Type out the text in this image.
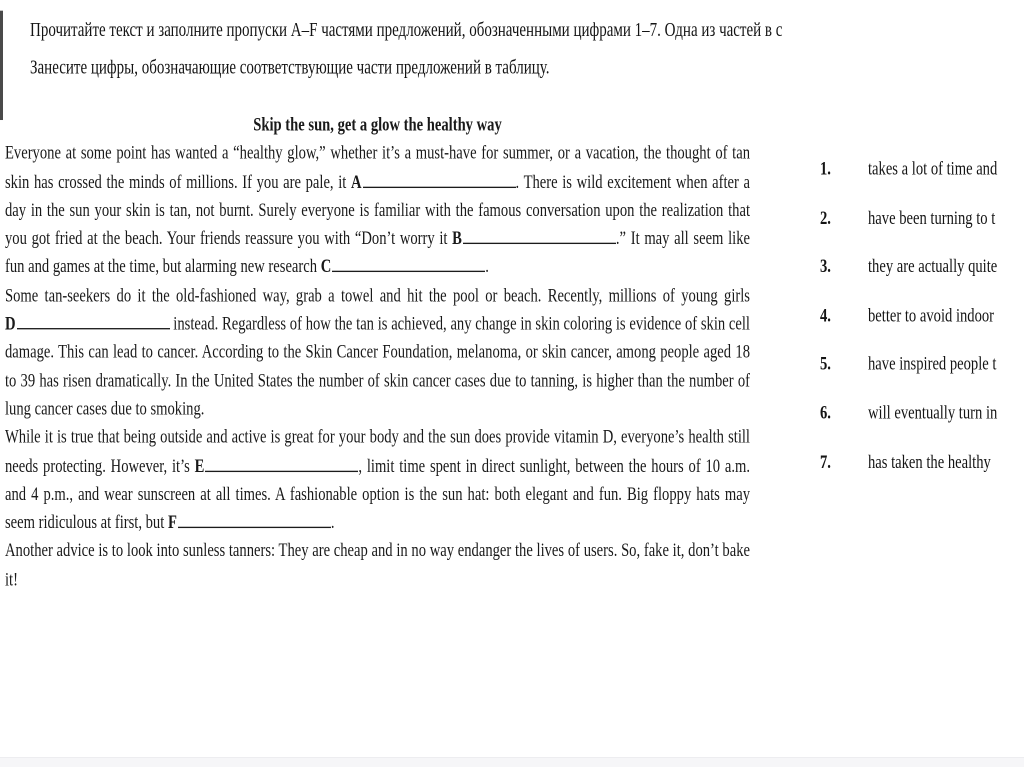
Прочитайте текст и заполните пропуски A–F частями предложений, обозначенными цифрами 1–7. Одна из частей в с
Занесите цифры, обозначающие соответствующие части предложений в таблицу.
Skip the sun, get a glow the healthy way
Everyone at some point has wanted a “healthy glow,” whether it’s a must-have for summer, or a vacation, the thought of tan skin has crossed the minds of millions. If you are pale, it A	. There is wild excitement when after a day in the sun your skin is tan, not burnt. Surely everyone is familiar with the famous conversation upon the realization that you got fried at the beach. Your friends reassure you with “Don’t worry it B	.” It may all seem like fun and games at the time, but alarming new research C	.
Some tan-seekers do it the old-fashioned way, grab a towel and hit the pool or beach. Recently, millions of young girls D	instead. Regardless of how the tan is achieved, any change in skin coloring is evidence of skin cell damage. This can lead to cancer. According to the Skin Cancer Foundation, melanoma, or skin cancer, among people aged 18 to 39 has risen dramatically. In the United States the number of skin cancer cases due to tanning, is higher than the number of lung cancer cases due to smoking.
While it is true that being outside and active is great for your body and the sun does provide vitamin D, everyone’s health still needs protecting. However, it’s E	, limit time spent in direct sunlight, between the hours of 10 a.m. and 4 p.m., and wear sunscreen at all times. A fashionable option is the sun hat: both elegant and fun. Big floppy hats may seem ridiculous at first, but F	.
Another advice is to look into sunless tanners: They are cheap and in no way endanger the lives of users. So, fake it, don’t bake it!
1.	takes a lot of time and
2.	have been turning to t
3.	they are actually quite
4.	better to avoid indoor
5.	have inspired people t
6.	will eventually turn in
7.	has taken the healthy
